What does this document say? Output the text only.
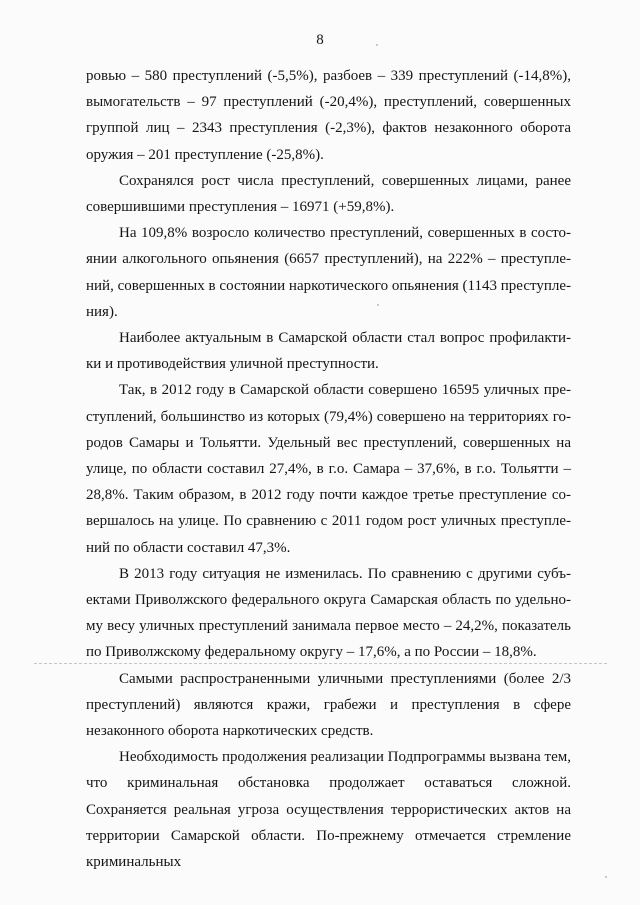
8

ровью – 580 преступлений (-5,5%), разбоев – 339 преступлений (-14,8%), вымогательств – 97 преступлений (-20,4%), преступлений, совершенных группой лиц – 2343 преступления (-2,3%), фактов незаконного оборота оружия – 201 преступление (-25,8%).

Сохранялся рост числа преступлений, совершенных лицами, ранее совершившими преступления – 16971 (+59,8%).

На 109,8% возросло количество преступлений, совершенных в состоянии алкогольного опьянения (6657 преступлений), на 222% – преступлений, совершенных в состоянии наркотического опьянения (1143 преступления).

Наиболее актуальным в Самарской области стал вопрос профилактики и противодействия уличной преступности.

Так, в 2012 году в Самарской области совершено 16595 уличных преступлений, большинство из которых (79,4%) совершено на территориях городов Самары и Тольятти. Удельный вес преступлений, совершенных на улице, по области составил 27,4%, в г.о. Самара – 37,6%, в г.о. Тольятти – 28,8%. Таким образом, в 2012 году почти каждое третье преступление совершалось на улице. По сравнению с 2011 годом рост уличных преступлений по области составил 47,3%.

В 2013 году ситуация не изменилась. По сравнению с другими субъектами Приволжского федерального округа Самарская область по удельному весу уличных преступлений занимала первое место – 24,2%, показатель по Приволжскому федеральному округу – 17,6%, а по России – 18,8%.

Самыми распространенными уличными преступлениями (более 2/3 преступлений) являются кражи, грабежи и преступления в сфере незаконного оборота наркотических средств.

Необходимость продолжения реализации Подпрограммы вызвана тем, что криминальная обстановка продолжает оставаться сложной. Сохраняется реальная угроза осуществления террористических актов на территории Самарской области. По-прежнему отмечается стремление криминальных
